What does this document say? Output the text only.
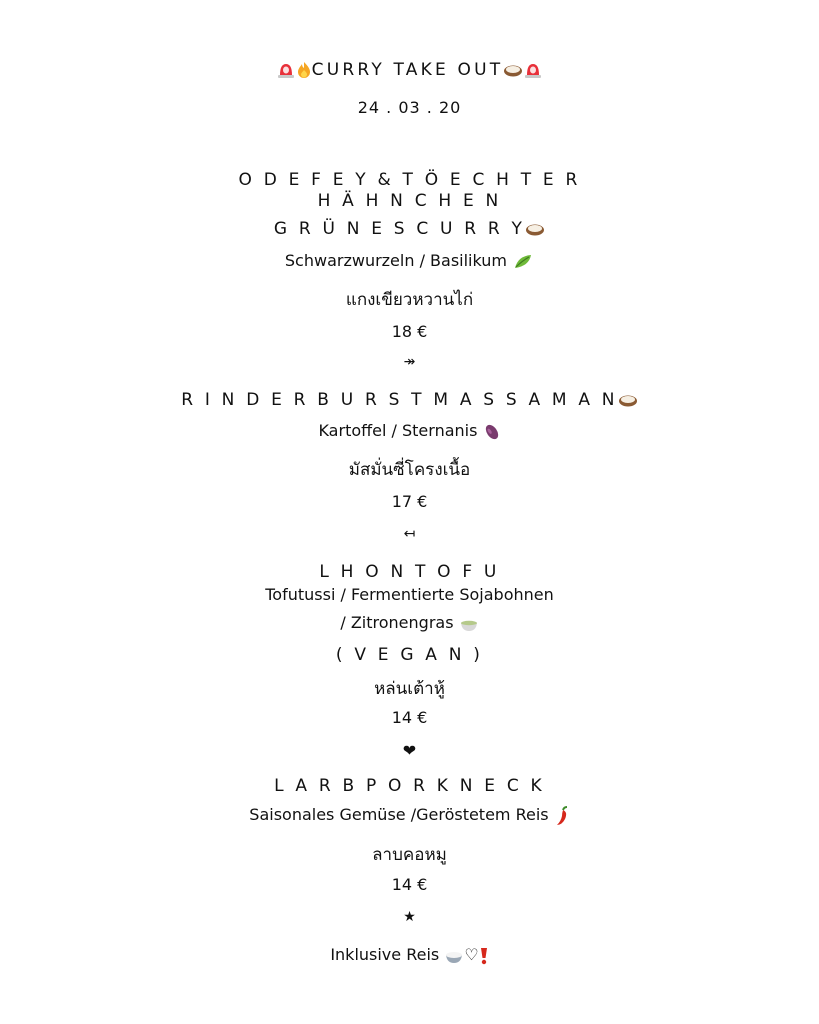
CURRY TAKE OUT
24 . 03 . 20
O D E F E Y & T Ö E C H T E R
H Ä H N C H E N
G R Ü N E S C U R R Y
Schwarzwurzeln / Basilikum
แกงเขียวหวานไก่
18 €
↠
R I N D E R B U R S T M A S S A M A N
Kartoffel / Sternanis
มัสมั่นซี่โครงเนื้อ
17 €
↤
L H O N T O F U
Tofutussi / Fermentierte Sojabohnen
/ Zitronengras
( V E G A N )
หล่นเต้าหู้
14 €
❤
L A R B P O R K N E C K
Saisonales Gemüse /Geröstetem Reis
ลาบคอหมู
14 €
★
Inklusive Reis ♡
